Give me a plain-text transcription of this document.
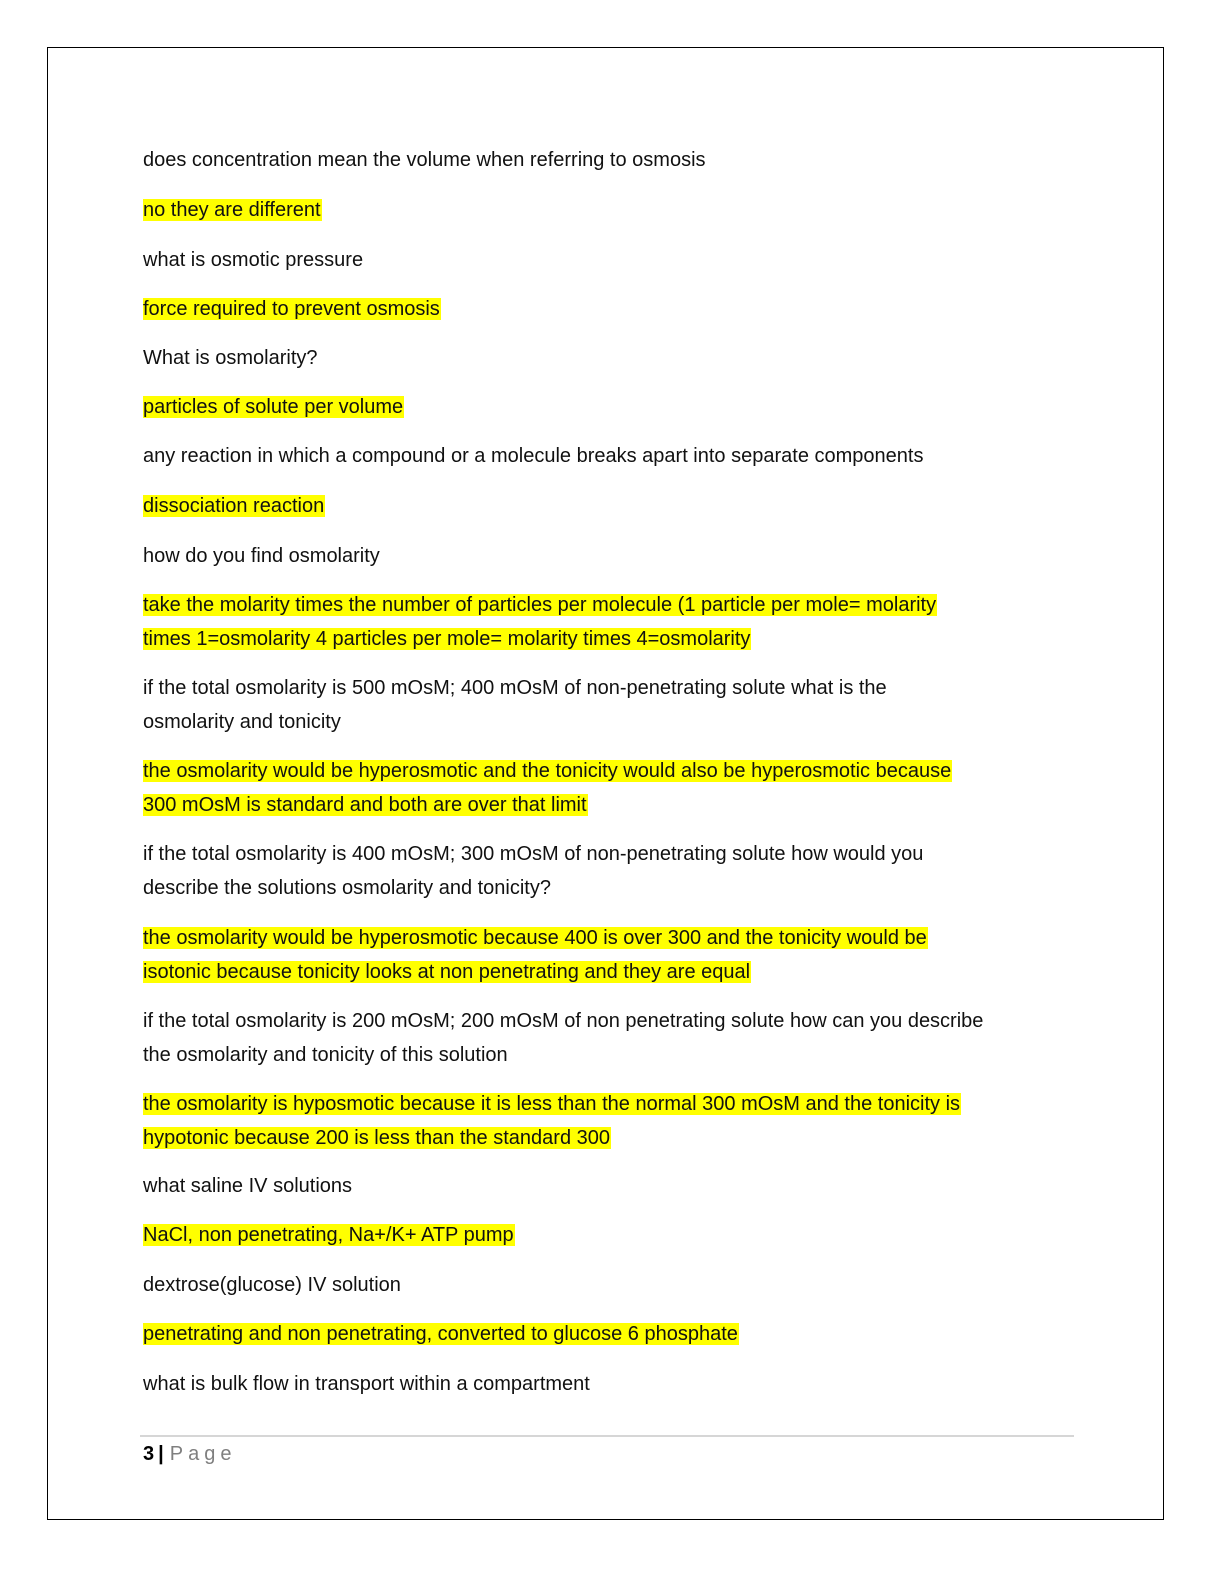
does concentration mean the volume when referring to osmosis
no they are different
what is osmotic pressure
force required to prevent osmosis
What is osmolarity?
particles of solute per volume
any reaction in which a compound or a molecule breaks apart into separate components
dissociation reaction
how do you find osmolarity
take the molarity times the number of particles per molecule (1 particle per mole= molarity
times 1=osmolarity 4 particles per mole= molarity times 4=osmolarity
if the total osmolarity is 500 mOsM; 400 mOsM of non-penetrating solute what is the
osmolarity and tonicity
the osmolarity would be hyperosmotic and the tonicity would also be hyperosmotic because
300 mOsM is standard and both are over that limit
if the total osmolarity is 400 mOsM; 300 mOsM of non-penetrating solute how would you
describe the solutions osmolarity and tonicity?
the osmolarity would be hyperosmotic because 400 is over 300 and the tonicity would be
isotonic because tonicity looks at non penetrating and they are equal
if the total osmolarity is 200 mOsM; 200 mOsM of non penetrating solute how can you describe
the osmolarity and tonicity of this solution
the osmolarity is hyposmotic because it is less than the normal 300 mOsM and the tonicity is
hypotonic because 200 is less than the standard 300
what saline IV solutions
NaCl, non penetrating, Na+/K+ ATP pump
dextrose(glucose) IV solution
penetrating and non penetrating, converted to glucose 6 phosphate
what is bulk flow in transport within a compartment
3 | Page
